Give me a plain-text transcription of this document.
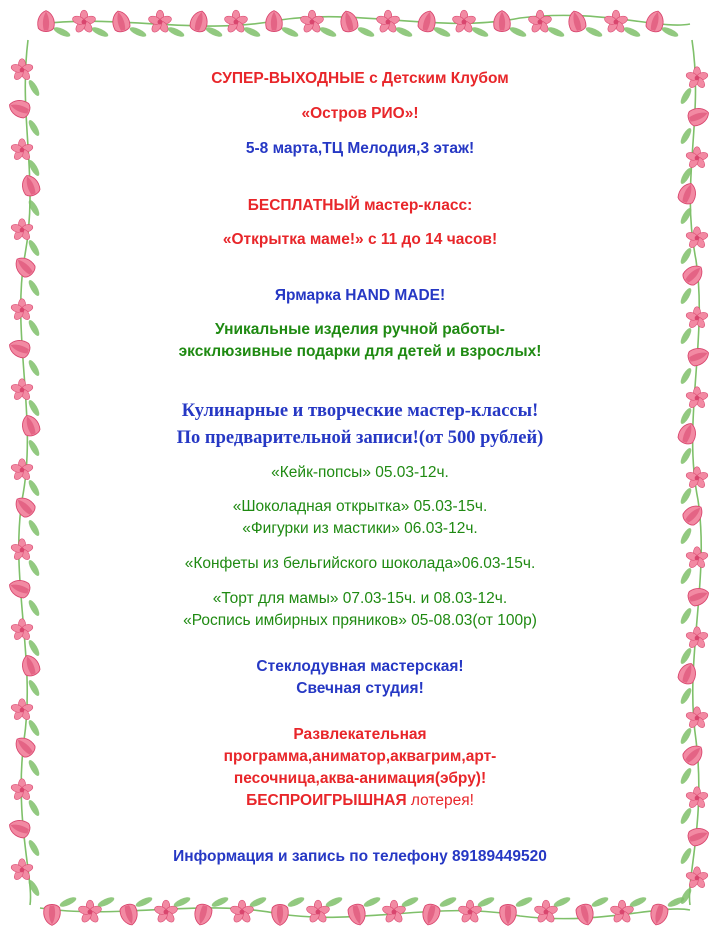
СУПЕР-ВЫХОДНЫЕ с Детским Клубом
«Остров РИО»!
5-8 марта,ТЦ Мелодия,3 этаж!
БЕСПЛАТНЫЙ мастер-класс:
«Открытка маме!» с 11 до 14 часов!
Ярмарка HAND MADE!
Уникальные изделия ручной работы-
эксклюзивные подарки для детей и взрослых!
Кулинарные и творческие мастер-классы!
По предварительной записи!(от 500 рублей)
«Кейк-попсы» 05.03-12ч.
«Шоколадная открытка» 05.03-15ч.
«Фигурки из мастики» 06.03-12ч.
«Конфеты из бельгийского шоколада»06.03-15ч.
«Торт для мамы» 07.03-15ч. и 08.03-12ч.
«Роспись имбирных пряников» 05-08.03(от 100р)
Стеклодувная мастерская!
Свечная студия!
Развлекательная
программа,аниматор,аквагрим,арт-
песочница,аква-анимация(эбру)!
БЕСПРОИГРЫШНАЯ лотерея!
Информация и запись по телефону 89189449520
